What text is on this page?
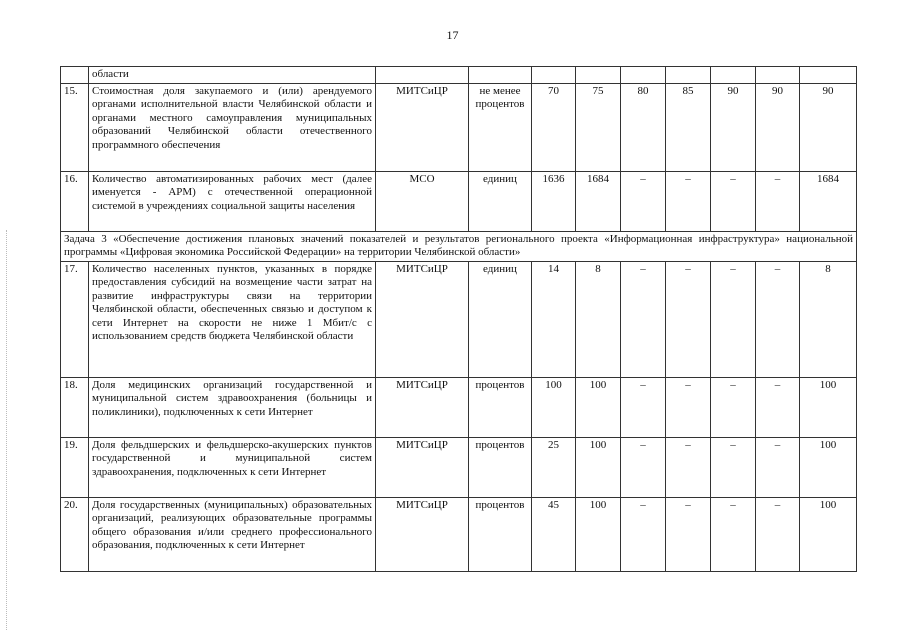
17
	области									
15.	Стоимостная доля закупаемого и (или) арендуемого органами исполнительной власти Челябинской области и органами местного самоуправления муниципальных образований Челябинской области отечественного программного обеспечения	МИТСиЦР	не менее процентов	70	75	80	85	90	90	90
16.	Количество автоматизированных рабочих мест (далее именуется - АРМ) с отечественной операционной системой в учреждениях социальной защиты населения	МСО	единиц	1636	1684	–	–	–	–	1684
Задача 3 «Обеспечение достижения плановых значений показателей и результатов регионального проекта «Информационная инфраструктура» национальной программы «Цифровая экономика Российской Федерации» на территории Челябинской области»										
17.	Количество населенных пунктов, указанных в порядке предоставления субсидий на возмещение части затрат на развитие инфраструктуры связи на территории Челябинской области, обеспеченных связью и доступом к сети Интернет на скорости не ниже 1 Мбит/с с использованием средств бюджета Челябинской области	МИТСиЦР	единиц	14	8	–	–	–	–	8
18.	Доля медицинских организаций государственной и муниципальной систем здравоохранения (больницы и поликлиники), подключенных к сети Интернет	МИТСиЦР	процентов	100	100	–	–	–	–	100
19.	Доля фельдшерских и фельдшерско-акушерских пунктов государственной и муниципальной систем здравоохранения, подключенных к сети Интернет	МИТСиЦР	процентов	25	100	–	–	–	–	100
20.	Доля государственных (муниципальных) образовательных организаций, реализующих образовательные программы общего образования и/или среднего профессионального образования, подключенных к сети Интернет	МИТСиЦР	процентов	45	100	–	–	–	–	100
